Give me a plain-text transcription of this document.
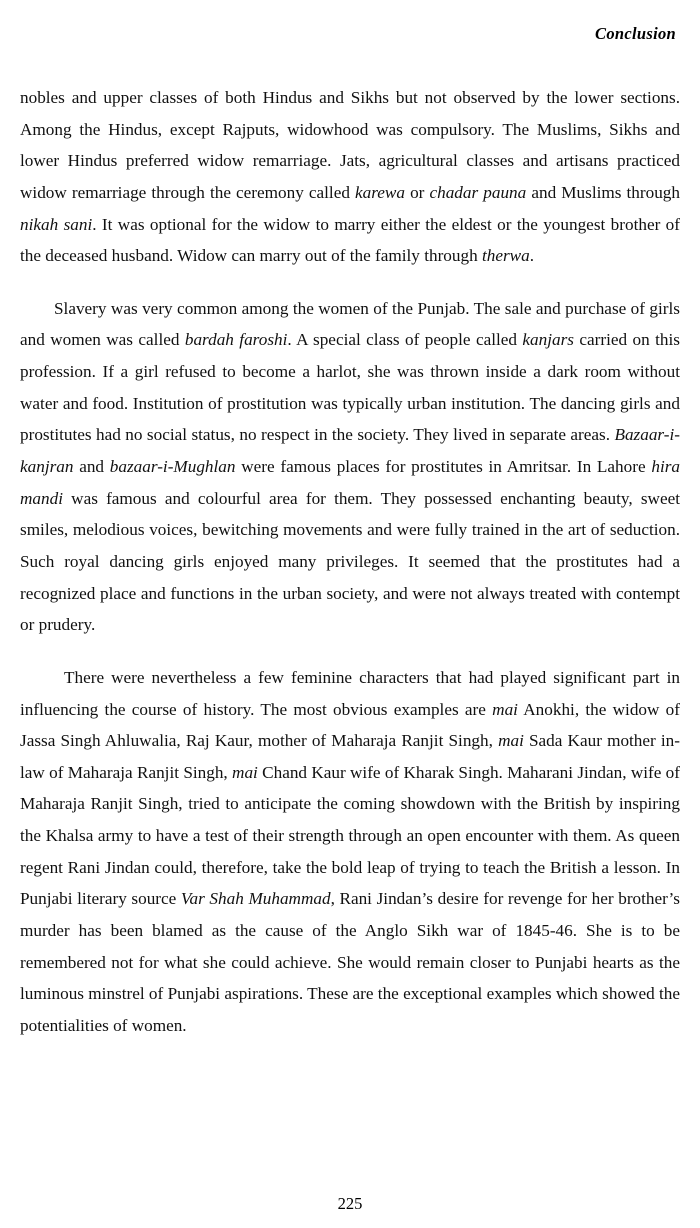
Conclusion

nobles and upper classes of both Hindus and Sikhs but not observed by the lower sections. Among the Hindus, except Rajputs, widowhood was compulsory. The Muslims, Sikhs and lower Hindus preferred widow remarriage. Jats, agricultural classes and artisans practiced widow remarriage through the ceremony called karewa or chadar pauna and Muslims through nikah sani. It was optional for the widow to marry either the eldest or the youngest brother of the deceased husband. Widow can marry out of the family through therwa.

Slavery was very common among the women of the Punjab. The sale and purchase of girls and women was called bardah faroshi. A special class of people called kanjars carried on this profession. If a girl refused to become a harlot, she was thrown inside a dark room without water and food. Institution of prostitution was typically urban institution. The dancing girls and prostitutes had no social status, no respect in the society. They lived in separate areas. Bazaar-i-kanjran and bazaar-i-Mughlan were famous places for prostitutes in Amritsar. In Lahore hira mandi was famous and colourful area for them. They possessed enchanting beauty, sweet smiles, melodious voices, bewitching movements and were fully trained in the art of seduction. Such royal dancing girls enjoyed many privileges. It seemed that the prostitutes had a recognized place and functions in the urban society, and were not always treated with contempt or prudery.

There were nevertheless a few feminine characters that had played significant part in influencing the course of history. The most obvious examples are mai Anokhi, the widow of Jassa Singh Ahluwalia, Raj Kaur, mother of Maharaja Ranjit Singh, mai Sada Kaur mother in-law of Maharaja Ranjit Singh, mai Chand Kaur wife of Kharak Singh. Maharani Jindan, wife of Maharaja Ranjit Singh, tried to anticipate the coming showdown with the British by inspiring the Khalsa army to have a test of their strength through an open encounter with them. As queen regent Rani Jindan could, therefore, take the bold leap of trying to teach the British a lesson. In Punjabi literary source Var Shah Muhammad, Rani Jindan’s desire for revenge for her brother’s murder has been blamed as the cause of the Anglo Sikh war of 1845-46. She is to be remembered not for what she could achieve. She would remain closer to Punjabi hearts as the luminous minstrel of Punjabi aspirations. These are the exceptional examples which showed the potentialities of women.

225
